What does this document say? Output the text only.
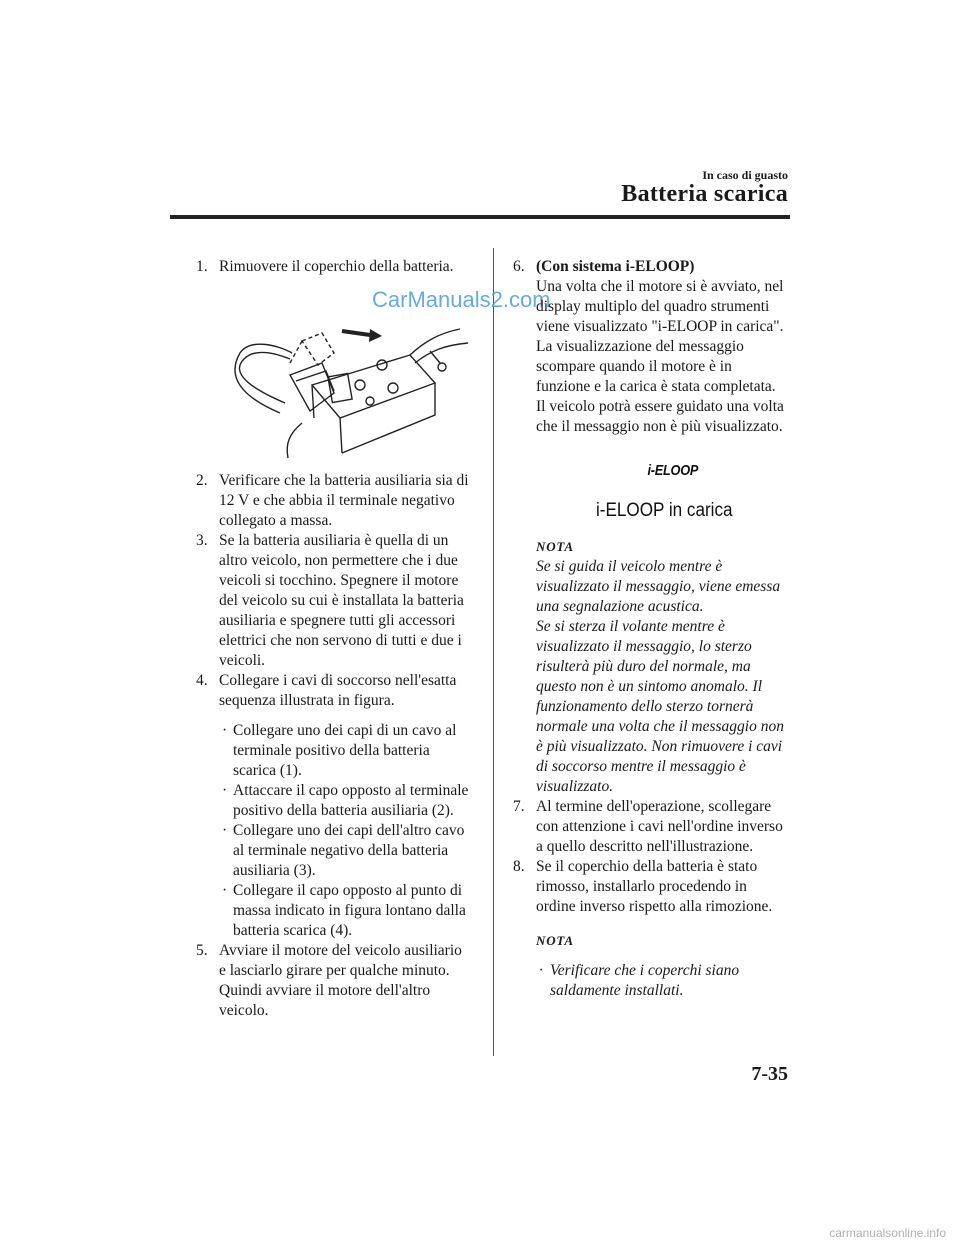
In caso di guasto
Batteria scarica

1. Rimuovere il coperchio della batteria.

CarManuals2.com

2. Verificare che la batteria ausiliaria sia di 12 V e che abbia il terminale negativo collegato a massa.

3. Se la batteria ausiliaria è quella di un altro veicolo, non permettere che i due veicoli si tocchino. Spegnere il motore del veicolo su cui è installata la batteria ausiliaria e spegnere tutti gli accessori elettrici che non servono di tutti e due i veicoli.

4. Collegare i cavi di soccorso nell'esatta sequenza illustrata in figura.

· Collegare uno dei capi di un cavo al terminale positivo della batteria scarica (1).

· Attaccare il capo opposto al terminale positivo della batteria ausiliaria (2).

· Collegare uno dei capi dell'altro cavo al terminale negativo della batteria ausiliaria (3).

· Collegare il capo opposto al punto di massa indicato in figura lontano dalla batteria scarica (4).

5. Avviare il motore del veicolo ausiliario e lasciarlo girare per qualche minuto. Quindi avviare il motore dell'altro veicolo.

6. (Con sistema i-ELOOP)
Una volta che il motore si è avviato, nel display multiplo del quadro strumenti viene visualizzato "i-ELOOP in carica". La visualizzazione del messaggio scompare quando il motore è in funzione e la carica è stata completata. Il veicolo potrà essere guidato una volta che il messaggio non è più visualizzato.

i-ELOOP
i-ELOOP in carica
NOTA
Se si guida il veicolo mentre è visualizzato il messaggio, viene emessa una segnalazione acustica.
Se si sterza il volante mentre è visualizzato il messaggio, lo sterzo risulterà più duro del normale, ma questo non è un sintomo anomalo. Il funzionamento dello sterzo tornerà normale una volta che il messaggio non è più visualizzato. Non rimuovere i cavi di soccorso mentre il messaggio è visualizzato.

7. Al termine dell'operazione, scollegare con attenzione i cavi nell'ordine inverso a quello descritto nell'illustrazione.

8. Se il coperchio della batteria è stato rimosso, installarlo procedendo in ordine inverso rispetto alla rimozione.

NOTA

· Verificare che i coperchi siano saldamente installati.

7-35
carmanualsonline.info
